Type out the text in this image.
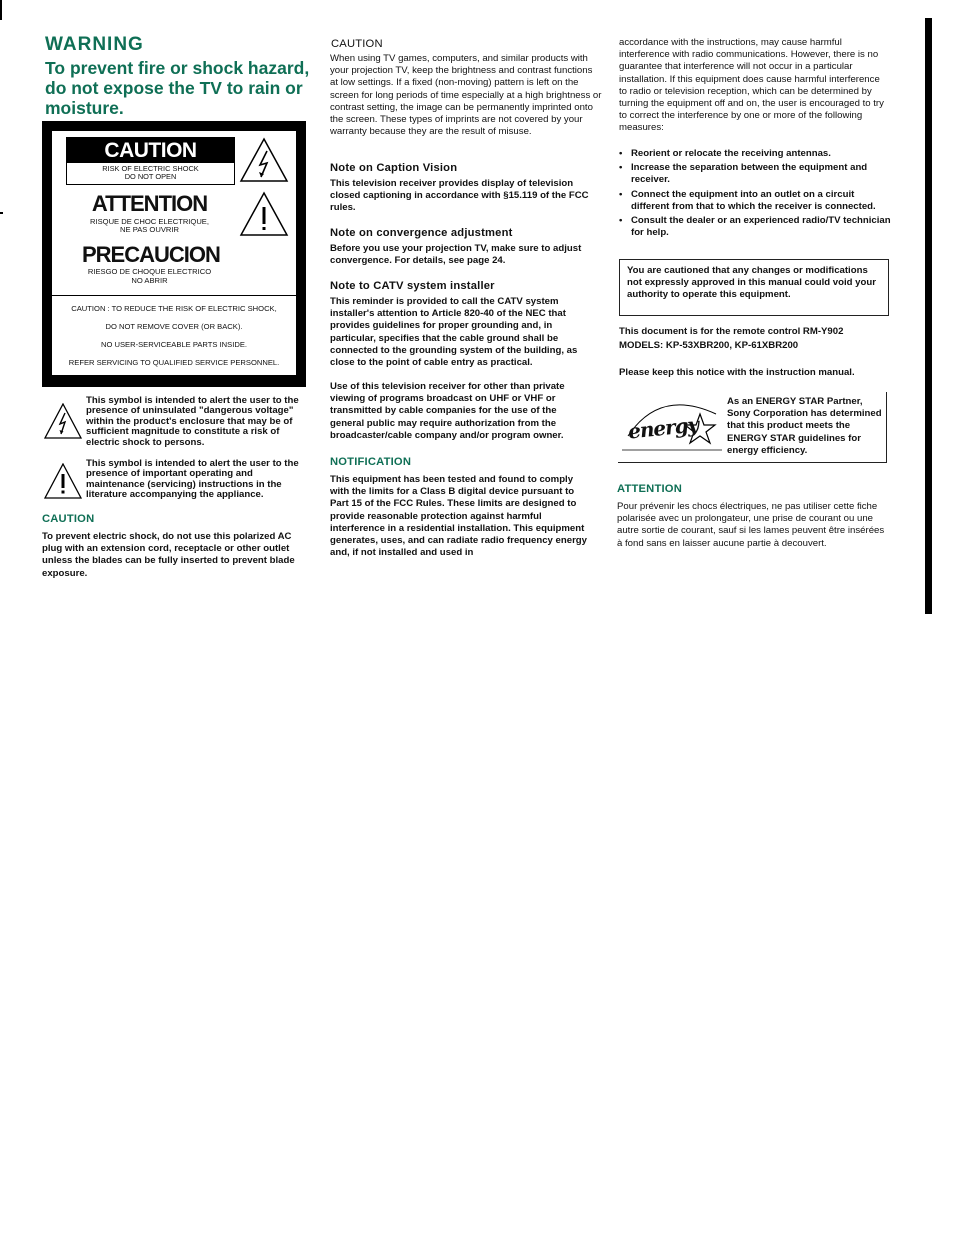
WARNING
To prevent fire or shock hazard, do not expose the TV to rain or moisture.
CAUTION
RISK OF ELECTRIC SHOCK
DO NOT OPEN
ATTENTION
RISQUE DE CHOC ELECTRIQUE,
NE PAS OUVRIR
PRECAUCION
RIESGO DE CHOQUE ELECTRICO
NO ABRIR
CAUTION : TO REDUCE THE RISK OF ELECTRIC SHOCK,
DO NOT REMOVE COVER (OR BACK).
NO USER-SERVICEABLE PARTS INSIDE.
REFER SERVICING TO QUALIFIED SERVICE PERSONNEL.

This symbol is intended to alert the user to the presence of uninsulated "dangerous voltage" within the product's enclosure that may be of sufficient magnitude to constitute a risk of electric shock to persons.

This symbol is intended to alert the user to the presence of important operating and maintenance (servicing) instructions in the literature accompanying the appliance.

CAUTION

To prevent electric shock, do not use this polarized AC plug with an extension cord, receptacle or other outlet unless the blades can be fully inserted to prevent blade exposure.

CAUTION

When using TV games, computers, and similar products with your projection TV, keep the brightness and contrast functions at low settings. If a fixed (non-moving) pattern is left on the screen for long periods of time especially at a high brightness or contrast setting, the image can be permanently imprinted onto the screen. These types of imprints are not covered by your warranty because they are the result of misuse.

Note on Caption Vision

This television receiver provides display of television closed captioning in accordance with §15.119 of the FCC rules.

Note on convergence adjustment

Before you use your projection TV, make sure to adjust convergence. For details, see page 24.

Note to CATV system installer

This reminder is provided to call the CATV system installer's attention to Article 820-40 of the NEC that provides guidelines for proper grounding and, in particular, specifies that the cable ground shall be connected to the grounding system of the building, as close to the point of cable entry as practical.

Use of this television receiver for other than private viewing of programs broadcast on UHF or VHF or transmitted by cable companies for the use of the general public may require authorization from the broadcaster/cable company and/or program owner.

NOTIFICATION

This equipment has been tested and found to comply with the limits for a Class B digital device pursuant to Part 15 of the FCC Rules. These limits are designed to provide reasonable protection against harmful interference in a residential installation. This equipment generates, uses, and can radiate radio frequency energy and, if not installed and used in

accordance with the instructions, may cause harmful interference with radio communications. However, there is no guarantee that interference will not occur in a particular installation. If this equipment does cause harmful interference to radio or television reception, which can be determined by turning the equipment off and on, the user is encouraged to try to correct the interference by one or more of the following measures:

• Reorient or relocate the receiving antennas.
• Increase the separation between the equipment and receiver.
• Connect the equipment into an outlet on a circuit different from that to which the receiver is connected.
• Consult the dealer or an experienced radio/TV technician for help.

You are cautioned that any changes or modifications not expressly approved in this manual could void your authority to operate this equipment.

This document is for the remote control RM-Y902

MODELS: KP-53XBR200, KP-61XBR200

Please keep this notice with the instruction manual.

energy

As an ENERGY STAR Partner, Sony Corporation has determined that this product meets the ENERGY STAR guidelines for energy efficiency.

ATTENTION

Pour prévenir les chocs électriques, ne pas utiliser cette fiche polarisée avec un prolongateur, une prise de courant ou une autre sortie de courant, sauf si les lames peuvent être insérées à fond sans en laisser aucune partie à decouvert.
